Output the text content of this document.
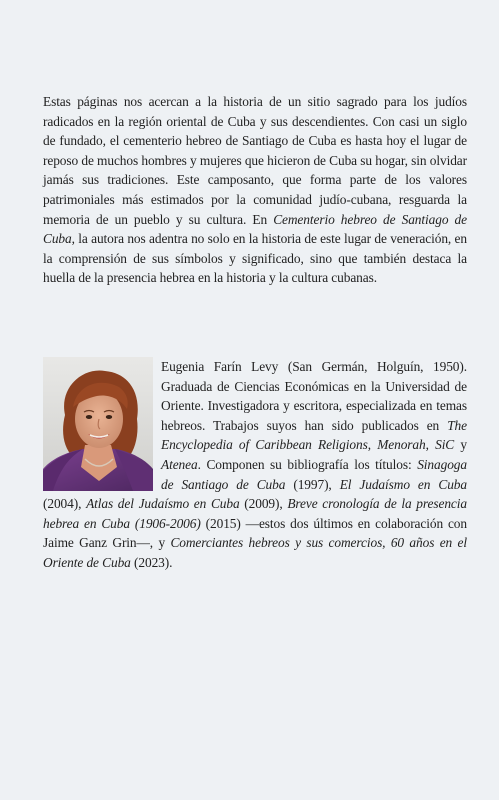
Estas páginas nos acercan a la historia de un sitio sagrado para los judíos radicados en la región oriental de Cuba y sus descendientes. Con casi un siglo de fundado, el cementerio hebreo de Santiago de Cuba es hasta hoy el lugar de reposo de muchos hombres y mujeres que hicieron de Cuba su hogar, sin olvidar jamás sus tradiciones. Este camposanto, que forma parte de los valores patrimoniales más estimados por la comunidad judío-cubana, resguarda la memoria de un pueblo y su cultura. En Cementerio hebreo de Santiago de Cuba, la autora nos adentra no solo en la historia de este lugar de veneración, en la comprensión de sus símbolos y significado, sino que también destaca la huella de la presencia hebrea en la historia y la cultura cubanas.

Eugenia Farín Levy (San Germán, Holguín, 1950). Graduada de Ciencias Económicas en la Universidad de Oriente. Investigadora y escritora, especializada en temas hebreos. Trabajos suyos han sido publicados en The Encyclopedia of Caribbean Religions, Menorah, SiC y Atenea. Componen su bibliografía los títulos: Sinagoga de Santiago de Cuba (1997), El Judaísmo en Cuba (2004), Atlas del Judaísmo en Cuba (2009), Breve cronología de la presencia hebrea en Cuba (1906-2006) (2015) —estos dos últimos en colaboración con Jaime Ganz Grin—, y Comerciantes hebreos y sus comercios, 60 años en el Oriente de Cuba (2023).
